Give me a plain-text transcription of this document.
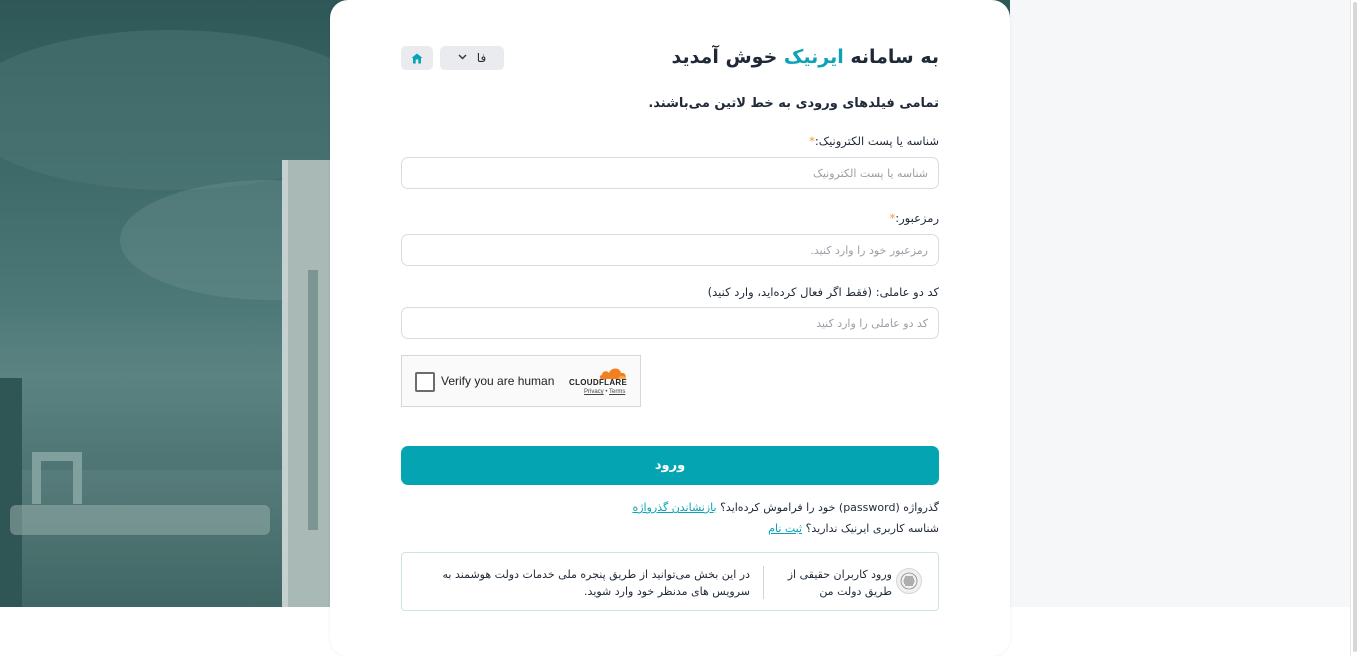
به سامانه ایرنیک خوش آمدید
فا
تمامی فیلدهای ورودی به خط لاتین می‌باشند.
شناسه یا پست الکترونیک:*
شناسه یا پست الکترونیک
رمزعبور:*
کد دو عاملی: (فقط اگر فعال کرده‌اید، وارد کنید)
کد دو عاملی را وارد کنید
Verify you are human CLOUDFLARE
Privacy • Terms
ورود
گذرواژه (password) خود را فراموش کرده‌اید؟ بازنشاندن گذرواژه
شناسه کاربری ایرنیک ندارید؟ ثبت نام
ورود کاربران حقیقی از طریق دولت من
در این بخش می‌توانید از طریق پنجره ملی خدمات دولت هوشمند به سرویس های مدنظر خود وارد شوید.
